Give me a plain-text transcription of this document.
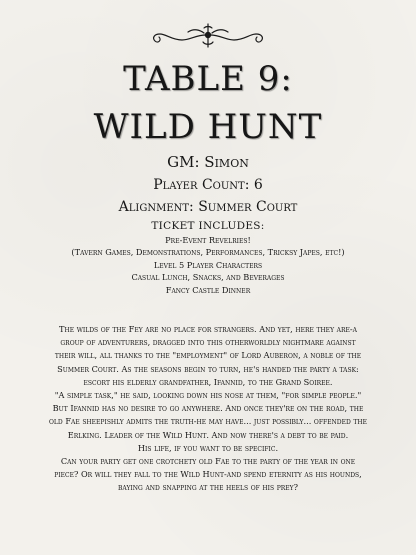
TABLE 9:
WILD HUNT
GM: Simon
Player Count: 6
Alignment: Summer Court
TICKET INCLUDES:
Pre-Event Revelries!
(Tavern Games, Demonstrations, Performances, Tricksy Japes, etc!)
Level 5 Player Characters
Casual Lunch, Snacks, and Beverages
Fancy Castle Dinner

The wilds of the Fey are no place for strangers. And yet, here they are-a

group of adventurers, dragged into this otherworldly nightmare against

their will, all thanks to the "employment" of Lord Auberon, a noble of the

Summer Court. As the seasons begin to turn, he's handed the party a task:

escort his elderly grandfather, Ifannid, to the Grand Soiree.

"A simple task," he said, looking down his nose at them, "for simple people."

But Ifannid has no desire to go anywhere. And once they're on the road, the

old Fae sheepishly admits the truth-he may have... just possibly... offended the

Erlking. Leader of the Wild Hunt. And now there's a debt to be paid.

His life, if you want to be specific.

Can your party get one crotchety old Fae to the party of the year in one

piece? Or will they fall to the Wild Hunt-and spend eternity as his hounds,

baying and snapping at the heels of his prey?
